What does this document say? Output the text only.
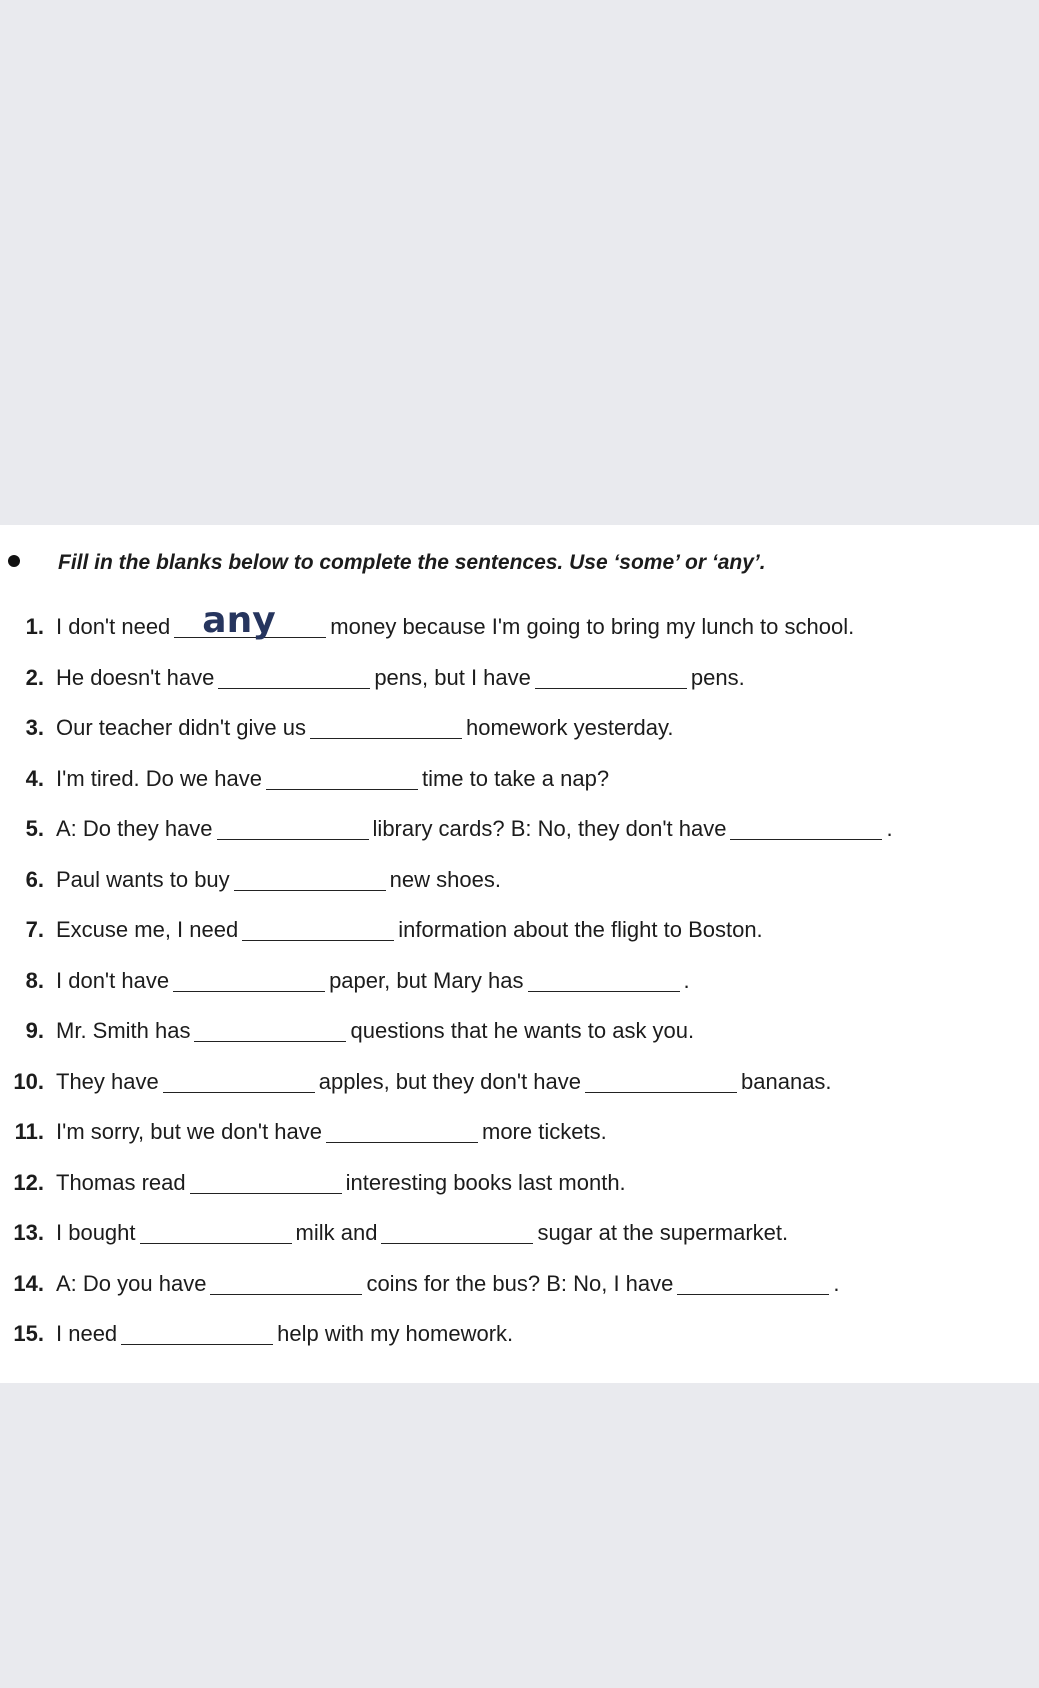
Fill in the blanks below to complete the sentences. Use ‘some’ or ‘any’.
1. I don't need any money because I'm going to bring my lunch to school.
2. He doesn't have	pens, but I have	pens.
3. Our teacher didn't give us	homework yesterday.
4. I'm tired. Do we have	time to take a nap?
5. A: Do they have	library cards? B: No, they don't have	.
6. Paul wants to buy	new shoes.
7. Excuse me, I need	information about the flight to Boston.
8. I don't have	paper, but Mary has	.
9. Mr. Smith has	questions that he wants to ask you.
10. They have	apples, but they don't have	bananas.
11. I'm sorry, but we don't have	more tickets.
12. Thomas read	interesting books last month.
13. I bought	milk and	sugar at the supermarket.
14. A: Do you have	coins for the bus? B: No, I have	.
15. I need	help with my homework.
